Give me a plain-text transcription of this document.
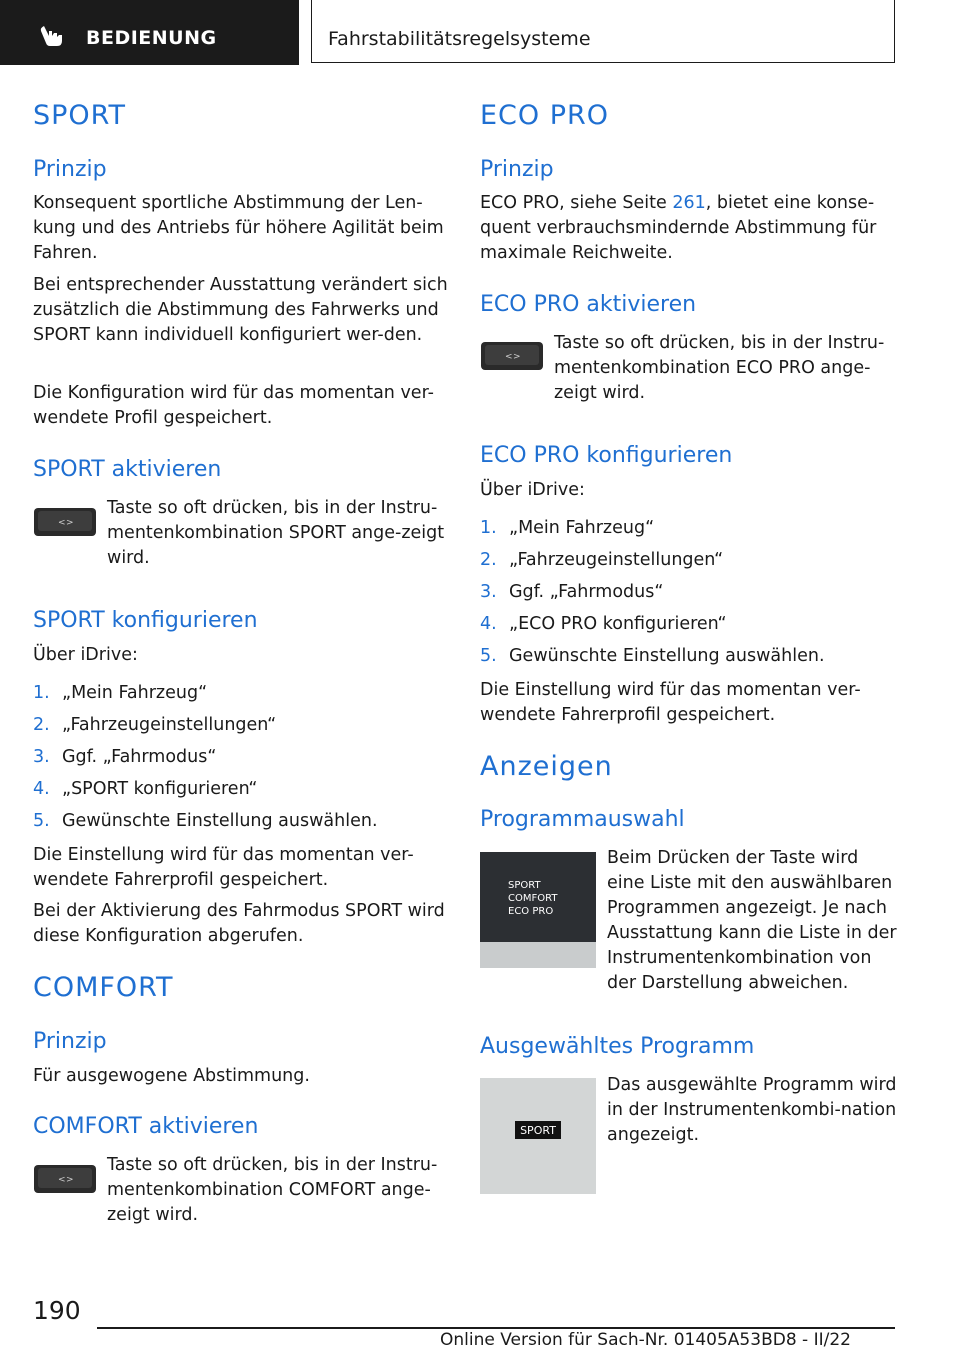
BEDIENUNG	Fahrstabilitätsregelsysteme
SPORT
Prinzip

Konsequent sportliche Abstimmung der Len-kung und des Antriebs für höhere Agilität beim Fahren.

Bei entsprechender Ausstattung verändert sich zusätzlich die Abstimmung des Fahrwerks und SPORT kann individuell konfiguriert wer-den.

Die Konfiguration wird für das momentan ver-wendete Profil gespeichert.

SPORT aktivieren
< >

Taste so oft drücken, bis in der Instru-mentenkombination SPORT ange-zeigt wird.

SPORT konfigurieren

Über iDrive:

1. „Mein Fahrzeug“
2. „Fahrzeugeinstellungen“
3. Ggf. „Fahrmodus“
4. „SPORT konfigurieren“
5. Gewünschte Einstellung auswählen.

Die Einstellung wird für das momentan ver-wendete Fahrerprofil gespeichert.

Bei der Aktivierung des Fahrmodus SPORT wird diese Konfiguration abgerufen.

COMFORT
Prinzip

Für ausgewogene Abstimmung.

COMFORT aktivieren
< >

Taste so oft drücken, bis in der Instru-mentenkombination COMFORT ange-zeigt wird.

ECO PRO
Prinzip

ECO PRO, siehe Seite 261, bietet eine konse-quent verbrauchsmindernde Abstimmung für maximale Reichweite.

ECO PRO aktivieren
< >

Taste so oft drücken, bis in der Instru-mentenkombination ECO PRO ange-zeigt wird.

ECO PRO konfigurieren

Über iDrive:

1. „Mein Fahrzeug“
2. „Fahrzeugeinstellungen“
3. Ggf. „Fahrmodus“
4. „ECO PRO konfigurieren“
5. Gewünschte Einstellung auswählen.

Die Einstellung wird für das momentan ver-wendete Fahrerprofil gespeichert.

Anzeigen
Programmauswahl
SPORT
COMFORT
ECO PRO

Beim Drücken der Taste wird eine Liste mit den auswählbaren Programmen angezeigt. Je nach Ausstattung kann die Liste in der Instrumentenkombination von der Darstellung abweichen.

Ausgewähltes Programm
SPORT

Das ausgewählte Programm wird in der Instrumentenkombi-nation angezeigt.

190
Online Version für Sach-Nr. 01405A53BD8 - II/22
